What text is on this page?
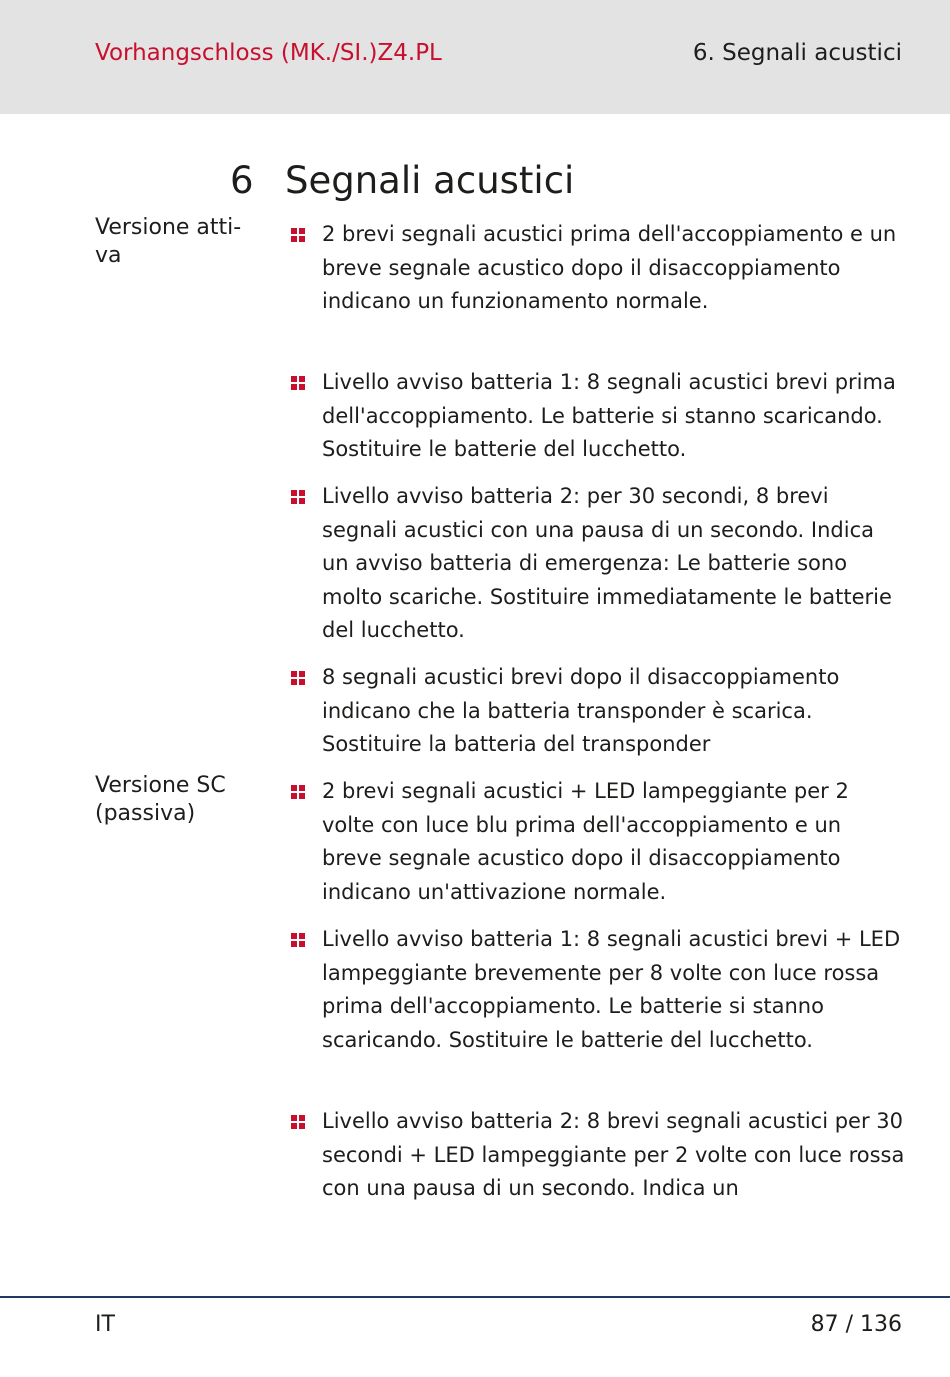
Vorhangschloss (MK./SI.)Z4.PL	6. Segnali acustici
6 Segnali acustici
Versione atti-
va
Versione SC
(passiva)
2 brevi segnali acustici prima dell'accoppiamento e un breve segnale acustico dopo il disaccoppiamento indicano un funzionamento normale.
Livello avviso batteria 1: 8 segnali acustici brevi prima dell'accoppiamento. Le batterie si stanno scaricando. Sostituire le batterie del lucchetto.
Livello avviso batteria 2: per 30 secondi, 8 brevi segnali acustici con una pausa di un secondo. Indica un avviso batteria di emergenza: Le batterie sono molto scariche. Sostituire immediatamente le batterie del lucchetto.
8 segnali acustici brevi dopo il disaccoppiamento indicano che la batteria transponder è scarica. Sostituire la batteria del transponder
2 brevi segnali acustici + LED lampeggiante per 2 volte con luce blu prima dell'accoppiamento e un breve segnale acustico dopo il disaccoppiamento indicano un'attivazione normale.
Livello avviso batteria 1: 8 segnali acustici brevi + LED lampeggiante brevemente per 8 volte con luce rossa prima dell'accoppiamento. Le batterie si stanno scaricando. Sostituire le batterie del lucchetto.
Livello avviso batteria 2: 8 brevi segnali acustici per 30 secondi + LED lampeggiante per 2 volte con luce rossa con una pausa di un secondo. Indica un
IT	87 / 136
